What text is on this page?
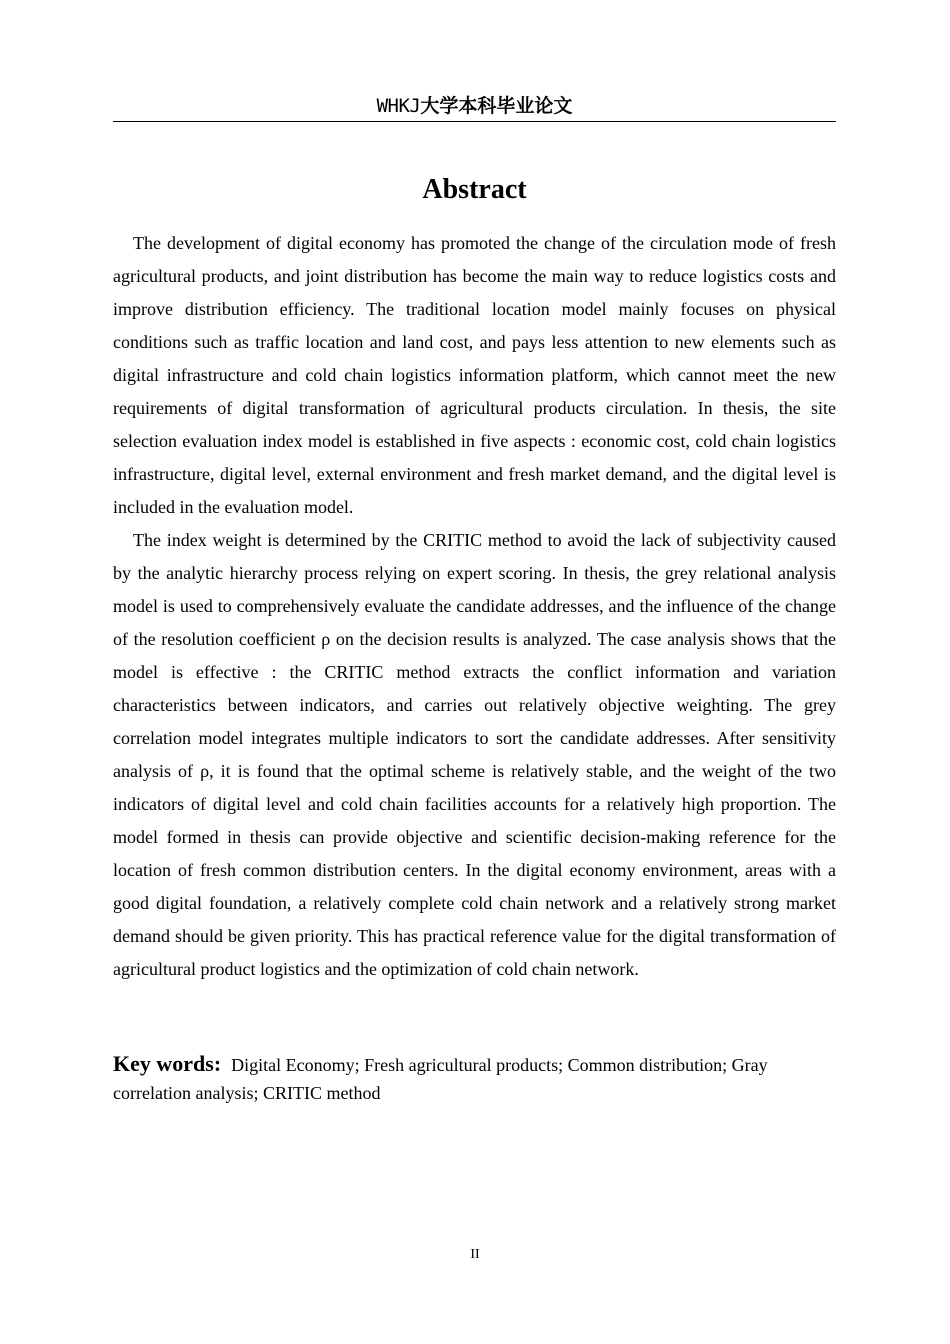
WHKJ大学本科毕业论文
Abstract

The development of digital economy has promoted the change of the circulation mode of fresh agricultural products, and joint distribution has become the main way to reduce logistics costs and improve distribution efficiency. The traditional location model mainly focuses on physical conditions such as traffic location and land cost, and pays less attention to new elements such as digital infrastructure and cold chain logistics information platform, which cannot meet the new requirements of digital transformation of agricultural products circulation. In thesis, the site selection evaluation index model is established in five aspects : economic cost, cold chain logistics infrastructure, digital level, external environment and fresh market demand, and the digital level is included in the evaluation model.

The index weight is determined by the CRITIC method to avoid the lack of subjectivity caused by the analytic hierarchy process relying on expert scoring. In thesis, the grey relational analysis model is used to comprehensively evaluate the candidate addresses, and the influence of the change of the resolution coefficient ρ on the decision results is analyzed. The case analysis shows that the model is effective : the CRITIC method extracts the conflict information and variation characteristics between indicators, and carries out relatively objective weighting. The grey correlation model integrates multiple indicators to sort the candidate addresses. After sensitivity analysis of ρ, it is found that the optimal scheme is relatively stable, and the weight of the two indicators of digital level and cold chain facilities accounts for a relatively high proportion. The model formed in thesis can provide objective and scientific decision-making reference for the location of fresh common distribution centers. In the digital economy environment, areas with a good digital foundation, a relatively complete cold chain network and a relatively strong market demand should be given priority. This has practical reference value for the digital transformation of agricultural product logistics and the optimization of cold chain network.

Key words: Digital Economy; Fresh agricultural products; Common distribution; Gray correlation analysis; CRITIC method
II
